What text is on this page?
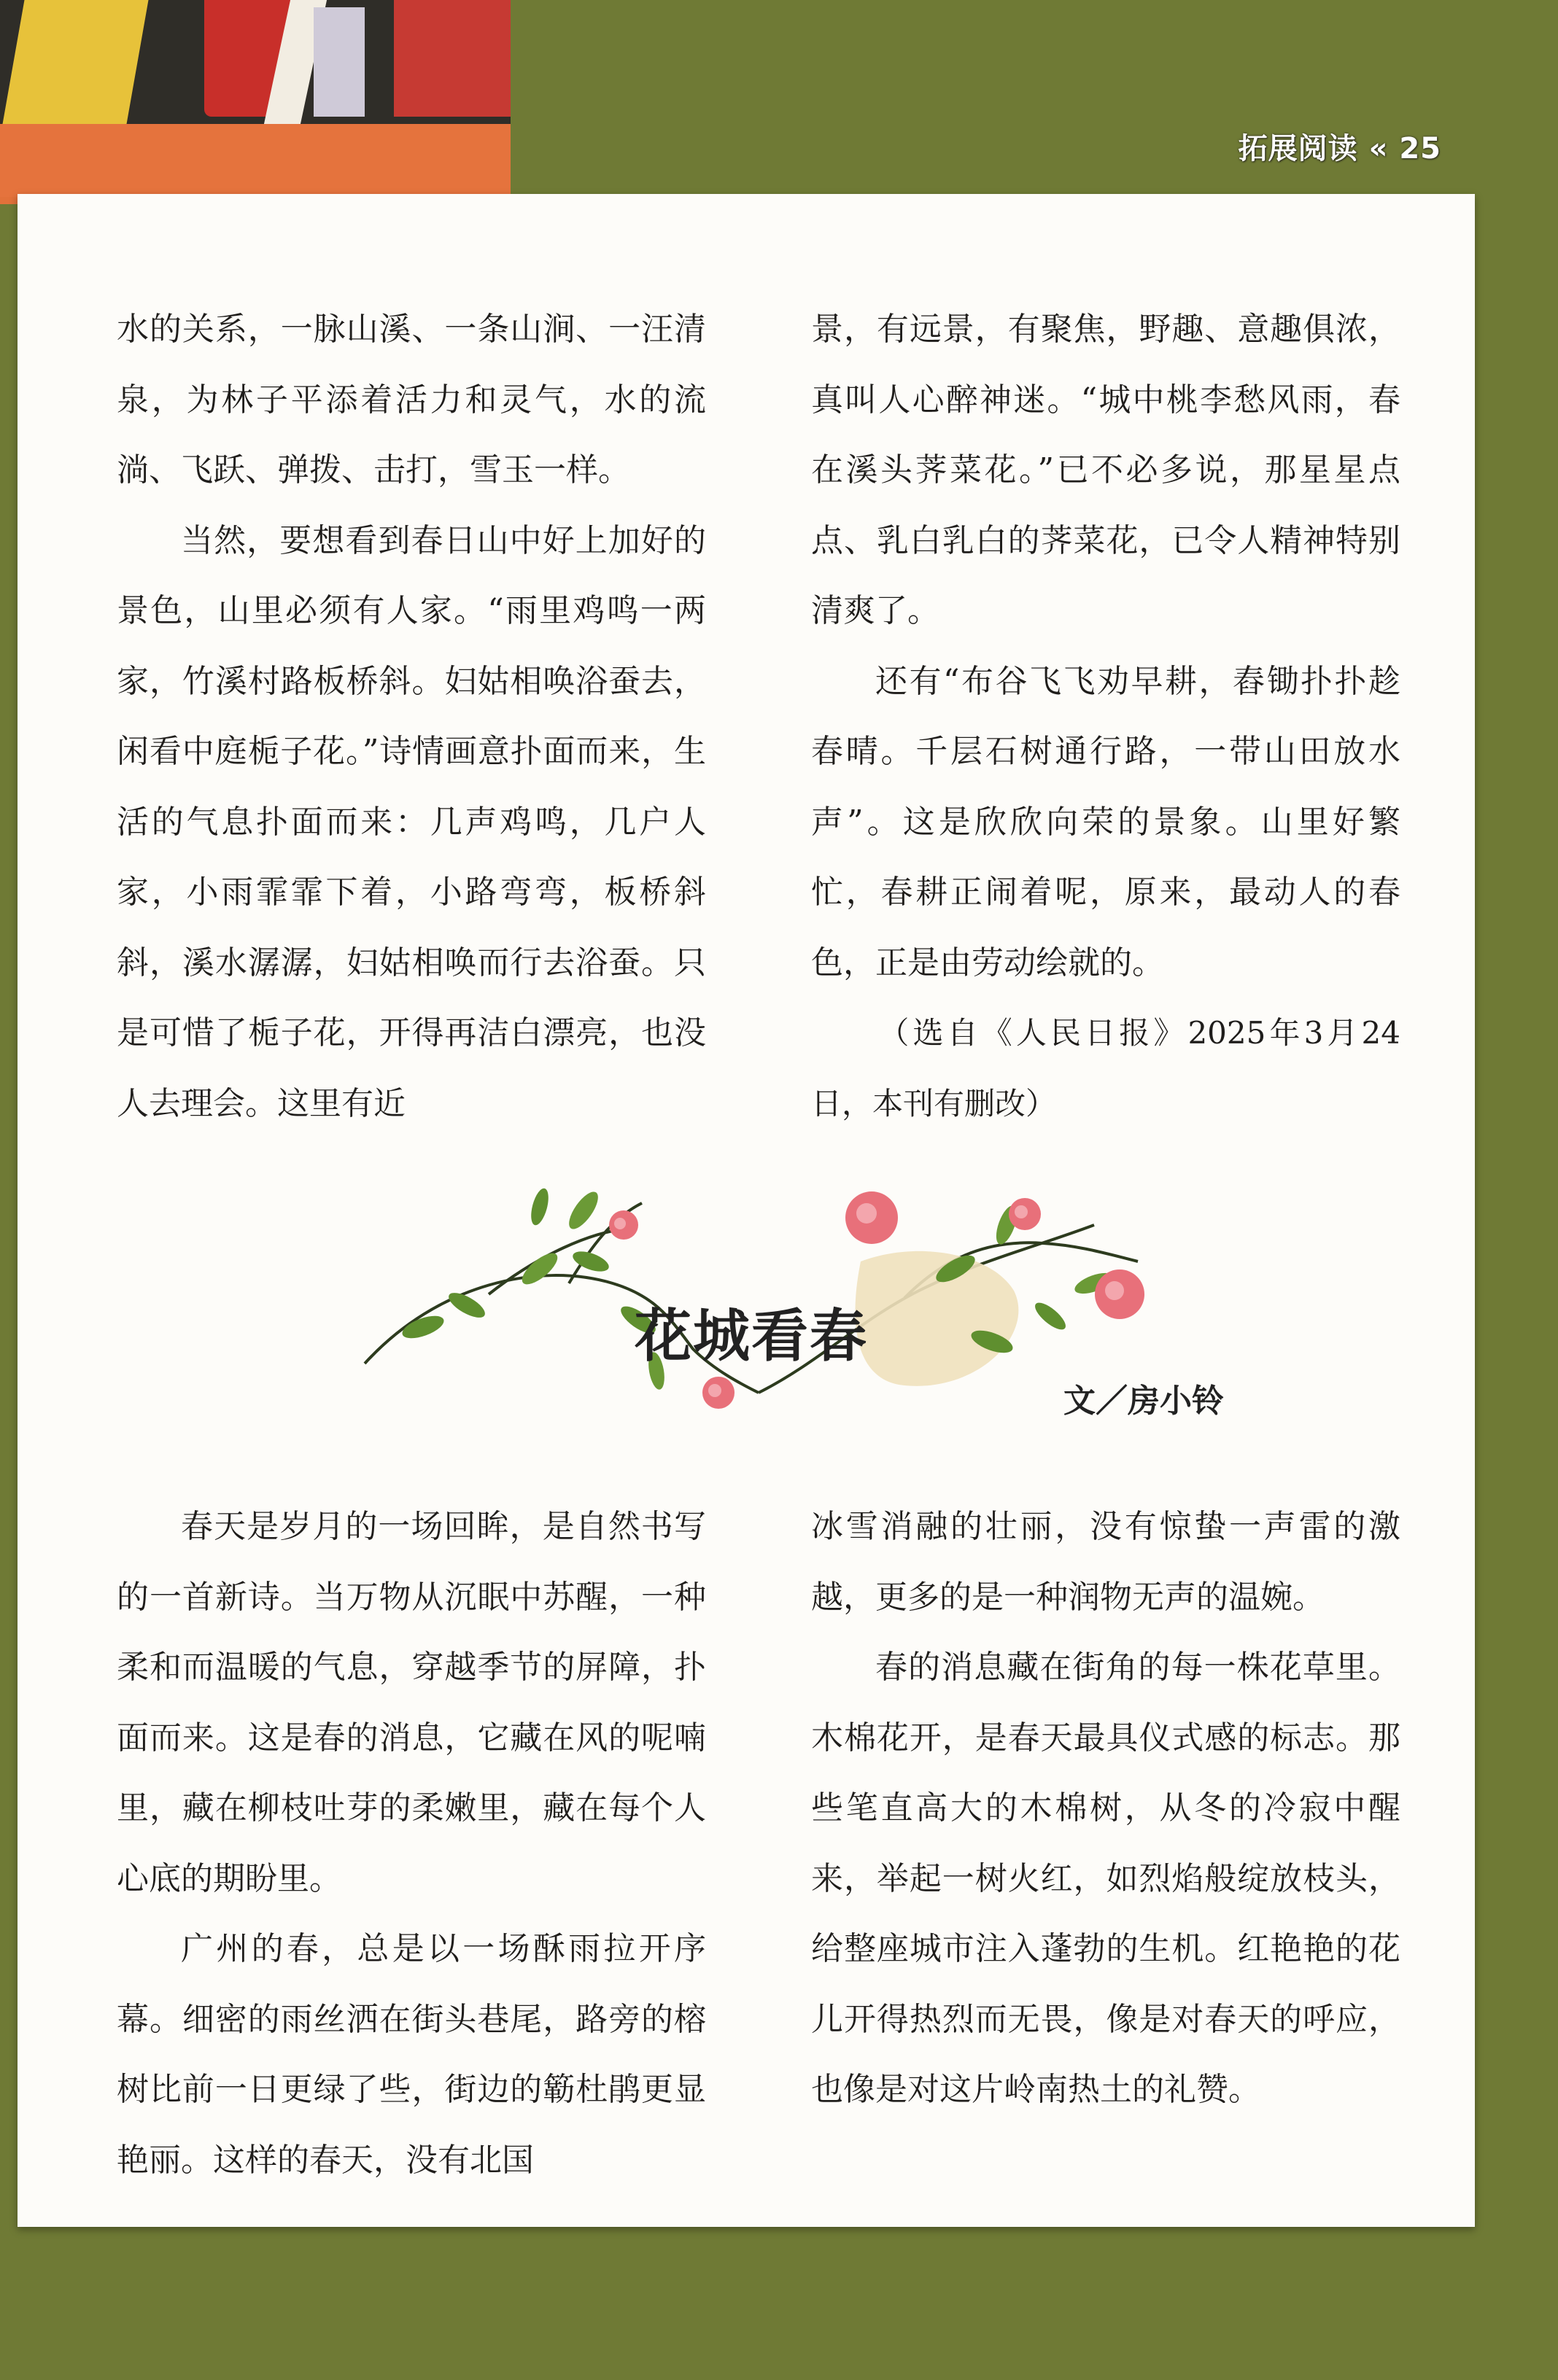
拓展阅读 « 25

水的关系，一脉山溪、一条山涧、一汪清泉，为林子平添着活力和灵气，水的流淌、飞跃、弹拨、击打，雪玉一样。

当然，要想看到春日山中好上加好的景色，山里必须有人家。“雨里鸡鸣一两家，竹溪村路板桥斜。妇姑相唤浴蚕去，闲看中庭栀子花。”诗情画意扑面而来，生活的气息扑面而来：几声鸡鸣，几户人家，小雨霏霏下着，小路弯弯，板桥斜斜，溪水潺潺，妇姑相唤而行去浴蚕。只是可惜了栀子花，开得再洁白漂亮，也没人去理会。这里有近

景，有远景，有聚焦，野趣、意趣俱浓，真叫人心醉神迷。“城中桃李愁风雨，春在溪头荠菜花。”已不必多说，那星星点点、乳白乳白的荠菜花，已令人精神特别清爽了。

还有“布谷飞飞劝早耕，舂锄扑扑趁春晴。千层石树通行路，一带山田放水声”。这是欣欣向荣的景象。山里好繁忙，春耕正闹着呢，原来，最动人的春色，正是由劳动绘就的。

（选自《人民日报》2025年3月24日，本刊有删改）

花城看春
文／房小铃

春天是岁月的一场回眸，是自然书写的一首新诗。当万物从沉眠中苏醒，一种柔和而温暖的气息，穿越季节的屏障，扑面而来。这是春的消息，它藏在风的呢喃里，藏在柳枝吐芽的柔嫩里，藏在每个人心底的期盼里。

广州的春，总是以一场酥雨拉开序幕。细密的雨丝洒在街头巷尾，路旁的榕树比前一日更绿了些，街边的簕杜鹃更显艳丽。这样的春天，没有北国

冰雪消融的壮丽，没有惊蛰一声雷的激越，更多的是一种润物无声的温婉。

春的消息藏在街角的每一株花草里。木棉花开，是春天最具仪式感的标志。那些笔直高大的木棉树，从冬的冷寂中醒来，举起一树火红，如烈焰般绽放枝头，给整座城市注入蓬勃的生机。红艳艳的花儿开得热烈而无畏，像是对春天的呼应，也像是对这片岭南热土的礼赞。
